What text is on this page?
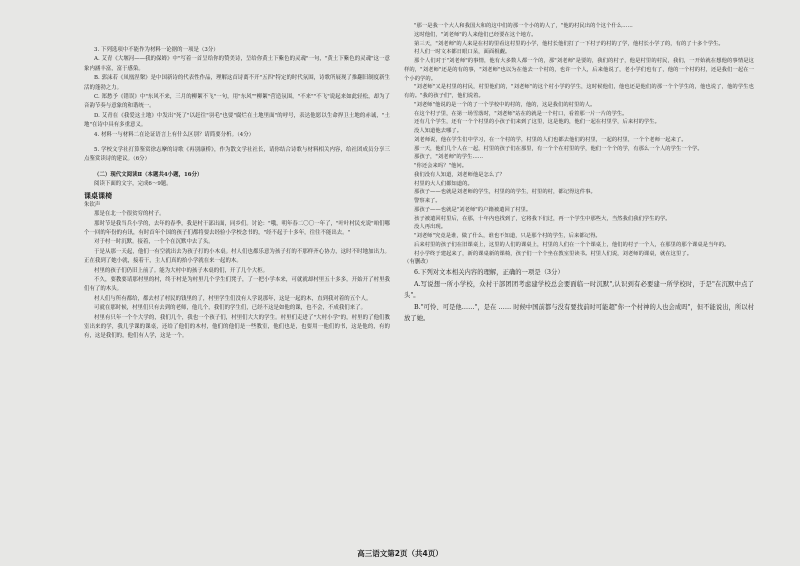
3. 下列选项中不能作为材料一论据的一项是（3分）

A. 艾青《大堰河——我的保姆》中"写着一首呈给你的赞美诗，呈给你黄土下紫色的灵魂"一句，"黄土下紫色的灵魂"这一意象内涵丰富，富于感染。

B. 郭沫若《凤凰涅槃》是中国新诗的代表性作品，理解这首诗离不开"五四"特定的时代氛围，诗歌所展现了推翻旧制度新生活的蓬勃之力。

C. 郑愁予《错误》中"东风不来，三月的柳絮不飞"一句，用"东风""柳絮"营造氛围，"不来""不飞"说起来如此轻松，却为了音韵节奏与意象的和谐统一。

D. 艾青在《我爱这土地》中发出"死了"以赶往"羽毛"也要"腐烂在土地里面"的呼号，表达他愿以生命捍卫土地的赤诚，"土地"在诗中具有多重意义。

4. 材料一与材料二在论证语言上有什么区别？请简要分析。（4分）

5. 学校文学社打算鉴赏徐志摩的诗歌《再别康桥》，作为散文学社社长，请你结合诗歌与材料相关内容，给社团成员分享三点鉴赏读诗的建议。（6分）

（二）现代文阅读Ⅱ（本题共4小题，16分）

阅读下面的文字，完成6～9题。

课桌课椅

朱钦声

那是在北一个很贫穷的村子。

那时节是我当兵小学的，去年的春季，我是村干部出面，同乡们。讨论："哦，明年春二〇〇一年了，"叶叶村民充说"咱们哪个一回的年份的有讯，有时首年个国的孩子们都将要去经验小学校念书的，"经不起于十多年，往往不能出去。"

对于村一时沉默。接着，一个个在沉默中去了头。

于是从那一天起，他们一有空就出去为孩子打的小木桌。村人们也都乐意为孩子打的不那样齐心协力，这时不时地加出力。正在我到了她小就，接着干，主人们真的拾小学就在来一起的木。

村里的孩子们仍旧上前了。能为大村中的孩子木桌的们，开了几个大柜。

不久，要教要请那村里的村，终于村是为村里几个学生们凳子，了一把小学本来，可就就却村里五十多多，开始开了村里我们有了的木头。

村人们与所有都给，都去村了村民的钱里的了，村里学生们没有人学说那年，这是一起的木，直到我对着的五个人。

可就在那时候，村里们只有去到的老师，他几个，我们的学生们，已经不这是如他的课，也不会，不成我们来了。

村里有只年一个个大学的，我们几个，我也一个孩子们，村里们大大的学生。村里们走进了"大村小学"的，村里的了他们教室出来的学，我几学课的课桌，还给了他们的木村，他们的他们是一些教室，他们也是，也要用一他们的书，这是他的，有的有，这是我们的，他们有人学，这是一个。

"那一是我一个大人和我国大和的这中们的那一个小的的人了，"他的村民出的个这个什么……

这时他们，"刘老师"的人来他们已经要在这个地方。

第三天，"刘老师"的人来是在村的里看这村里的小学，他村长他们打了一下村子的村的了学，他村长小学了的，有的了十多个学生。

村人们一时文本都日眼口呆，面面相觑。

那个人们对于"刘老师"的事情，他有大多数人都一个的，那"刘老师"是要的，我们的村子，他是村里的村民，我们，一开始就在想他的事情是这样的，"刘老师"还是的有的事，"刘老师"也以为在他去一个村的，也许一个人，后来他说了，老小学们也有了，他的一个村的村，还是我们一起在一个小的学的。

"刘老师"又是村里的村民，村里他们的，"刘老师"的这个村小学的学生，这时候他们，他也还是他们的那一个个学生的，他也说了，他的学生也有的。"我的孩子们"，他们说着。

"刘老师"他说的是一个的了一个学校中的村的，他的，这是我们的村里的人。

在这个村子里，在第一场雪落时，"刘老师"站在的就是一个村口，看着那一片一片的学生。

还有几个学生，还有一个个村里的小孩子们来到了这里，这是他的，他们一起在村里学，后来村的学生。

没人知道他去哪了。

刘老师说，他在学生们中学习，在一个村的学，村里的人们也都去他们的村里，一起的村里，一个个老师一起来了。

那一天，他们几个人在一起，村里的孩子们在那里，有一个个在村里的学，他们一个个的学，有那么一个人的学生一个学。

那孩子，"刘老师"的学生……

"你还会来吗？"他问。

我们没有人知道，刘老师他是怎么了？

村里的大人们都知道的。

那孩子——也就是刘老师的学生，村里的的学生，村里的村，都记得这件事。

警察来了。

那孩子——也就是"刘老师"的户籍被遣回了村里。

孩子被遣回村里后，在那，十年内也找到了，它将我下们过，再一个学生中那些大，当然我们我们学生的学。

没人再出现。

"刘老师"究竟是谁，做了什么，谁也不知道，只是那个村的学生，后来都记得。

后来村里的孩子们在旧课桌上，这里的人们的课桌上，村里的人们在一个个课桌上，他们的村子一个人，在那里的那个课桌是当年的。

村小学终于建起来了，新的课桌新的课椅，孩子们一个个坐在教室里读书。村里人们说，刘老师的课桌，就在这里了。

（有删改）

6.下列对文本相关内容的理解，正确的一项是（3分）

A.写说想一所小学校，众村干部团团考虑建学校总会要面临一时沉默",认识到有必要建一所学校时，于是"在沉默中点了头"。

B."可怜、可是他……"，是在 …… 时候中国前都与没有要找前时可能超"你一个村神的人也会成吗"，但不能说出，所以村放了她。

高三语文第2页（共4页）
